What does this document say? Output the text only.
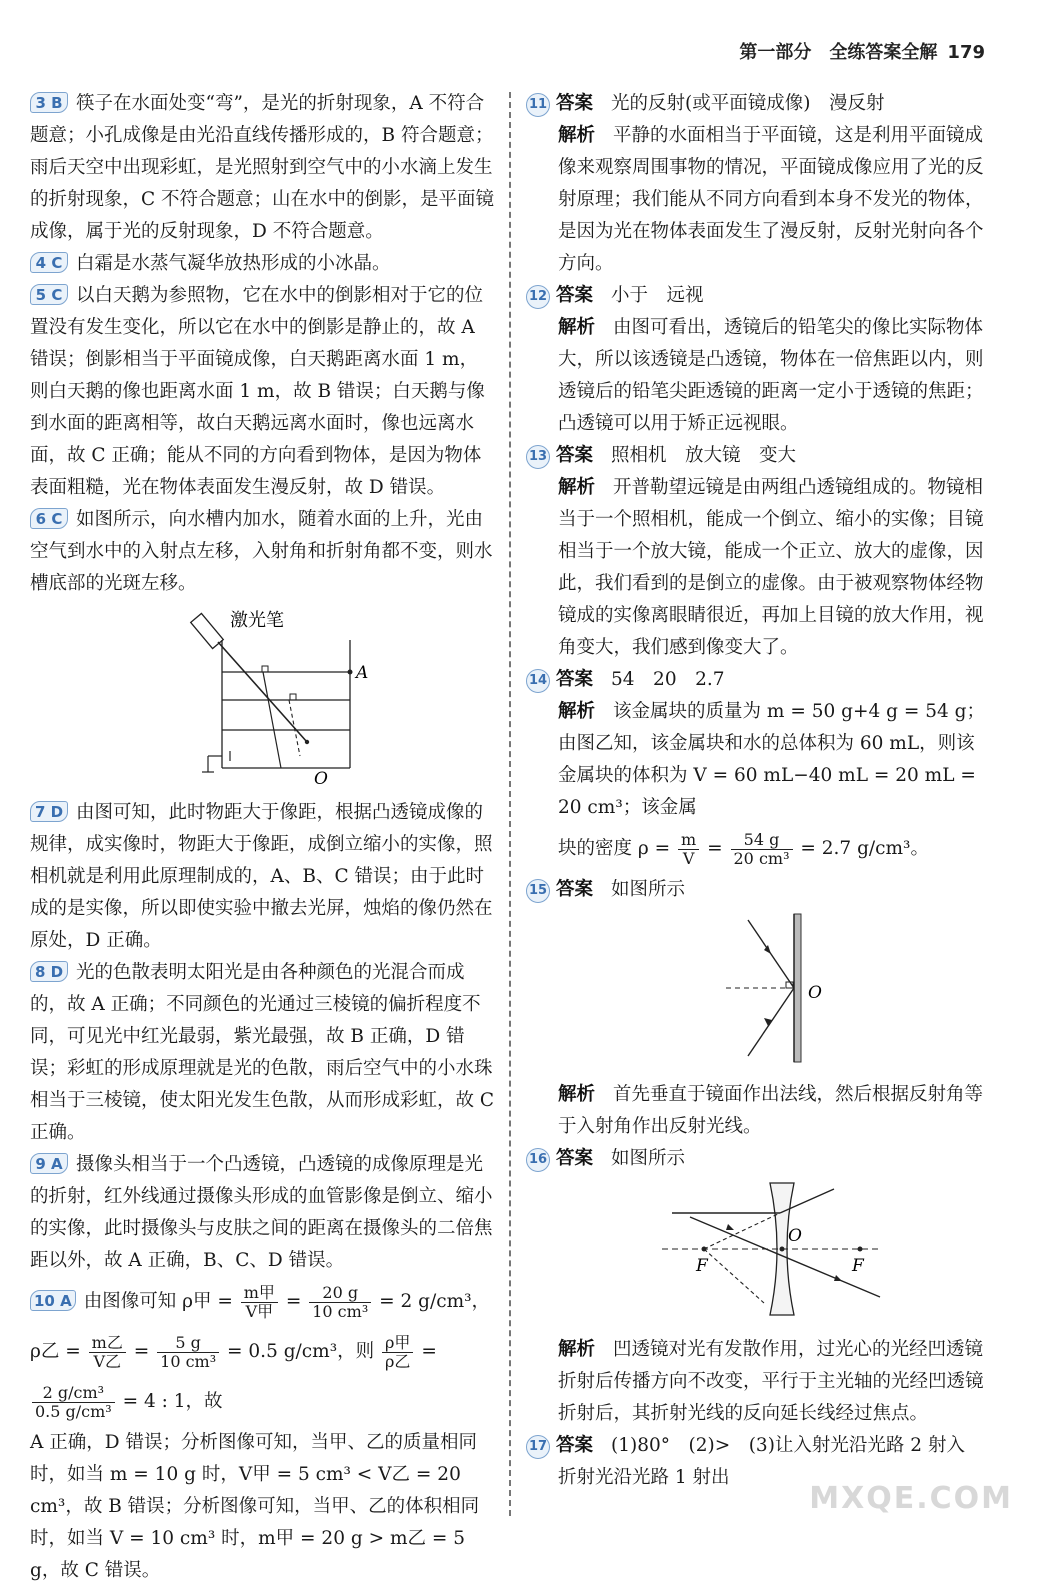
第一部分　全练答案全解 179

3 B 筷子在水面处变“弯”，是光的折射现象，A 不符合题意；小孔成像是由光沿直线传播形成的，B 符合题意；雨后天空中出现彩虹，是光照射到空气中的小水滴上发生的折射现象，C 不符合题意；山在水中的倒影，是平面镜成像，属于光的反射现象，D 不符合题意。

4 C 白霜是水蒸气凝华放热形成的小冰晶。

5 C 以白天鹅为参照物，它在水中的倒影相对于它的位置没有发生变化，所以它在水中的倒影是静止的，故 A 错误；倒影相当于平面镜成像，白天鹅距离水面 1 m，则白天鹅的像也距离水面 1 m，故 B 错误；白天鹅与像到水面的距离相等，故白天鹅远离水面时，像也远离水面，故 C 正确；能从不同的方向看到物体，是因为物体表面粗糙，光在物体表面发生漫反射，故 D 错误。

6 C 如图所示，向水槽内加水，随着水面的上升，光由空气到水中的入射点左移，入射角和折射角都不变，则水槽底部的光斑左移。

激光笔
A
O

7 D 由图可知，此时物距大于像距，根据凸透镜成像的规律，成实像时，物距大于像距，成倒立缩小的实像，照相机就是利用此原理制成的，A、B、C 错误；由于此时成的是实像，所以即使实验中撤去光屏，烛焰的像仍然在原处，D 正确。

8 D 光的色散表明太阳光是由各种颜色的光混合而成的，故 A 正确；不同颜色的光通过三棱镜的偏折程度不同，可见光中红光最弱，紫光最强，故 B 正确，D 错误；彩虹的形成原理就是光的色散，雨后空气中的小水珠相当于三棱镜，使太阳光发生色散，从而形成彩虹，故 C 正确。

9 A 摄像头相当于一个凸透镜，凸透镜的成像原理是光的折射，红外线通过摄像头形成的血管影像是倒立、缩小的实像，此时摄像头与皮肤之间的距离在摄像头的二倍焦距以外，故 A 正确，B、C、D 错误。

10 A 由图像可知 ρ甲 = $\frac{\text{m甲}}{\text{V甲}} = \frac{20 g}{\text{10 cm³}} = 2$ g/cm³，ρ乙 = $\frac{\text{m乙}}{\text{V乙}} = \frac{5 g}{\text{10 cm³}} = 0.5$ g/cm³，则 $\frac{\text{ρ甲}}{\text{ρ乙}}$ =
$\frac{\text{2 g/cm³}}{\text{0.5 g/cm³}} = 4$ : 1，故

A 正确，D 错误；分析图像可知，当甲、乙的质量相同时，如当 m = 10 g 时，V甲 = 5 cm³ < V乙 = 20 cm³，故 B 错误；分析图像可知，当甲、乙的体积相同时，如当 V = 10 cm³ 时，m甲 = 20 g > m乙 = 5 g，故 C 错误。

11 答案 光的反射(或平面镜成像)　漫反射

解析 平静的水面相当于平面镜，这是利用平面镜成像来观察周围事物的情况，平面镜成像应用了光的反射原理；我们能从不同方向看到本身不发光的物体，是因为光在物体表面发生了漫反射，反射光射向各个方向。

12 答案 小于　远视

解析 由图可看出，透镜后的铅笔尖的像比实际物体大，所以该透镜是凸透镜，物体在一倍焦距以内，则透镜后的铅笔尖距透镜的距离一定小于透镜的焦距；凸透镜可以用于矫正远视眼。

13 答案 照相机　放大镜　变大

解析 开普勒望远镜是由两组凸透镜组成的。物镜相当于一个照相机，能成一个倒立、缩小的实像；目镜相当于一个放大镜，能成一个正立、放大的虚像，因此，我们看到的是倒立的虚像。由于被观察物体经物镜成的实像离眼睛很近，再加上目镜的放大作用，视角变大，我们感到像变大了。

14 答案 54　20　2.7

解析 该金属块的质量为 m = 50 g+4 g = 54 g；由图乙知，该金属块和水的总体积为 60 mL，则该金属块的体积为 V = 60 mL−40 mL = 20 mL = 20 cm³；该金属

块的密度 $\rho = \frac{m}{V} = \frac{54 g}{\text{20 cm³}} = 2.7$ g/cm³。

15 答案 如图所示

O

解析 首先垂直于镜面作出法线，然后根据反射角等于入射角作出反射光线。

16 答案 如图所示

F
O
F

解析 凹透镜对光有发散作用，过光心的光经凹透镜折射后传播方向不改变，平行于主光轴的光经凹透镜折射后，其折射光线的反向延长线经过焦点。

17 答案 (1)80°　(2)>　(3)让入射光沿光路 2 射入

折射光沿光路 1 射出

MXQE.COM
